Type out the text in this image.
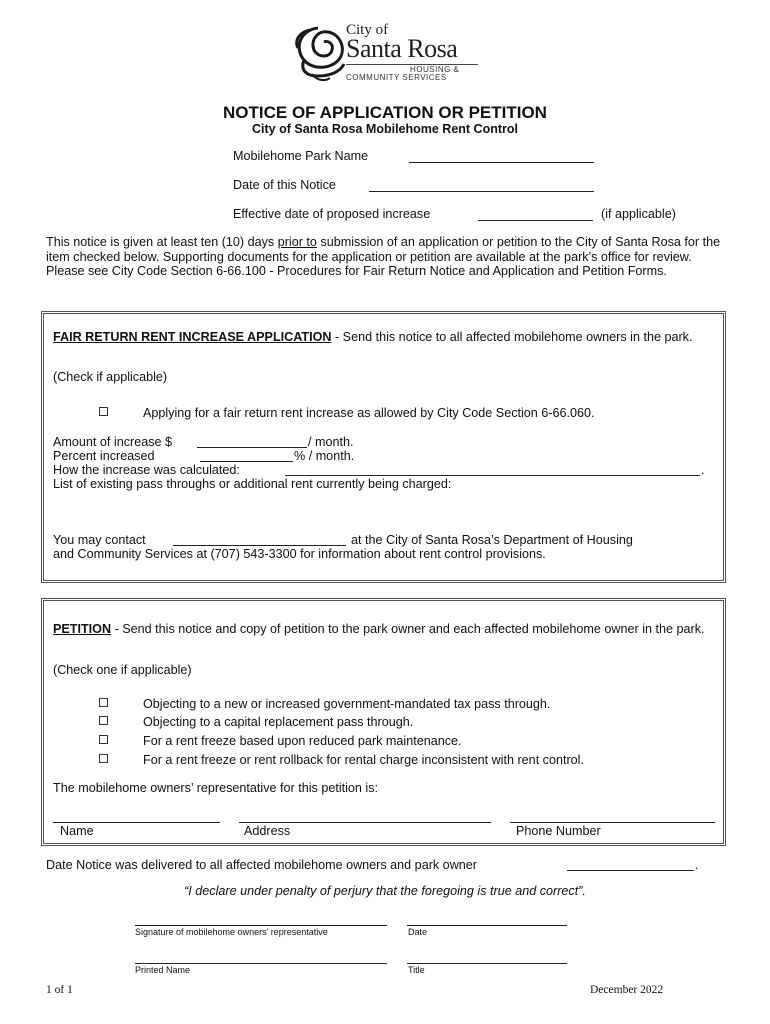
City of
Santa Rosa
HOUSING &
COMMUNITY SERVICES
NOTICE OF APPLICATION OR PETITION
City of Santa Rosa Mobilehome Rent Control
Mobilehome Park Name
Date of this Notice
Effective date of proposed increase	(if applicable)
This notice is given at least ten (10) days prior to submission of an application or petition to the City of Santa Rosa for the item checked below. Supporting documents for the application or petition are available at the park’s office for review. Please see City Code Section 6-66.100 - Procedures for Fair Return Notice and Application and Petition Forms.
FAIR RETURN RENT INCREASE APPLICATION - Send this notice to all affected mobilehome owners in the park.
(Check if applicable)
Applying for a fair return rent increase as allowed by City Code Section 6-66.060.
Amount of increase $	/ month.
Percent increased	% / month.
How the increase was calculated:	.
List of existing pass throughs or additional rent currently being charged:
You may contact	at the City of Santa Rosa’s Department of Housing
and Community Services at (707) 543-3300 for information about rent control provisions.
PETITION - Send this notice and copy of petition to the park owner and each affected mobilehome owner in the park.
(Check one if applicable)
Objecting to a new or increased government-mandated tax pass through.
Objecting to a capital replacement pass through.
For a rent freeze based upon reduced park maintenance.
For a rent freeze or rent rollback for rental charge inconsistent with rent control.
The mobilehome owners’ representative for this petition is:
Name	Address	Phone Number
Date Notice was delivered to all affected mobilehome owners and park owner	.
“I declare under penalty of perjury that the foregoing is true and correct”.
Signature of mobilehome owners’ representative	Date
Printed Name	Title
1 of 1	December 2022
